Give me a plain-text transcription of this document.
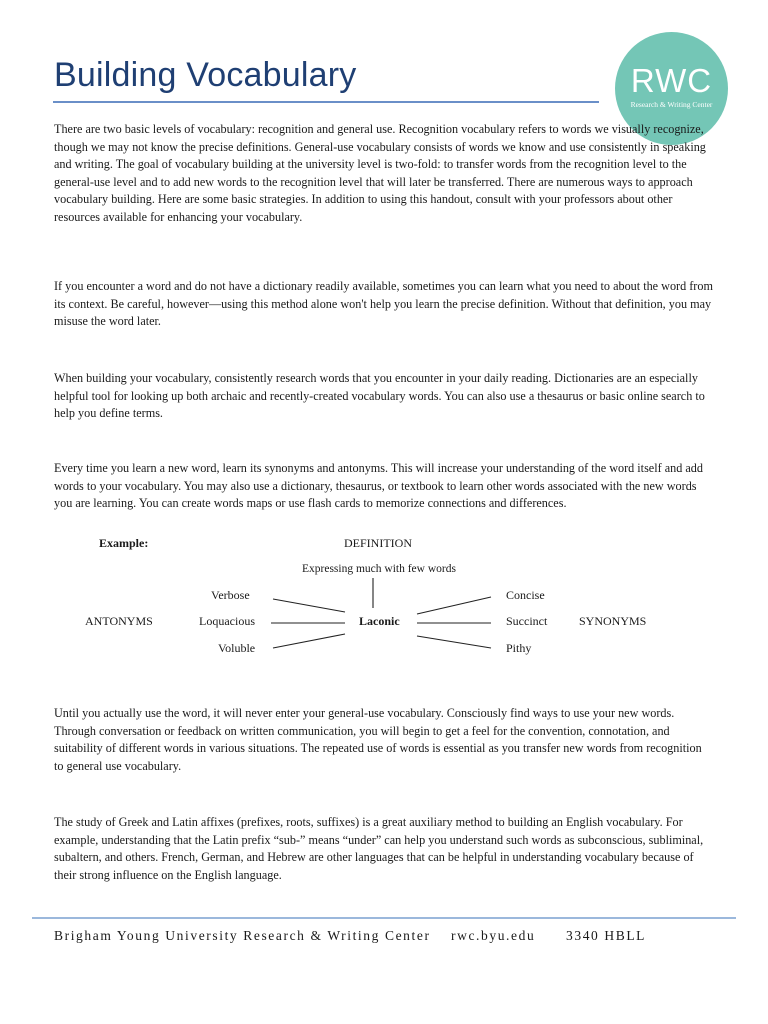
Building Vocabulary	RWC
Research & Writing Center

There are two basic levels of vocabulary: recognition and general use. Recognition vocabulary refers to words we visually recognize, though we may not know the precise definitions. General-use vocabulary consists of words we know and use consistently in speaking and writing. The goal of vocabulary building at the university level is two-fold: to transfer words from the recognition level to the general-use level and to add new words to the recognition level that will later be transferred. There are numerous ways to approach vocabulary building. Here are some basic strategies. In addition to using this handout, consult with your professors about other resources available for enhancing your vocabulary.

If you encounter a word and do not have a dictionary readily available, sometimes you can learn what you need to about the word from its context. Be careful, however—using this method alone won't help you learn the precise definition. Without that definition, you may misuse the word later.

When building your vocabulary, consistently research words that you encounter in your daily reading. Dictionaries are an especially helpful tool for looking up both archaic and recently-created vocabulary words. You can also use a thesaurus or basic online search to help you define terms.

Every time you learn a new word, learn its synonyms and antonyms. This will increase your understanding of the word itself and add words to your vocabulary. You may also use a dictionary, thesaurus, or textbook to learn other words associated with the new words you are learning. You can create words maps or use flash cards to memorize connections and differences.

Example:	DEFINITION
Expressing much with few words
Verbose
ANTONYMS	Loquacious	Laconic
Voluble
Concise
Succinct	SYNONYMS
Pithy

Until you actually use the word, it will never enter your general-use vocabulary. Consciously find ways to use your new words. Through conversation or feedback on written communication, you will begin to get a feel for the convention, connotation, and suitability of different words in various situations. The repeated use of words is essential as you transfer new words from recognition to general use vocabulary.

The study of Greek and Latin affixes (prefixes, roots, suffixes) is a great auxiliary method to building an English vocabulary. For example, understanding that the Latin prefix “sub-” means “under” can help you understand such words as subconscious, subliminal, subaltern, and others. French, German, and Hebrew are other languages that can be helpful in understanding vocabulary because of their strong influence on the English language.

Brigham Young University Research & Writing Center rwc.byu.edu 3340 HBLL
